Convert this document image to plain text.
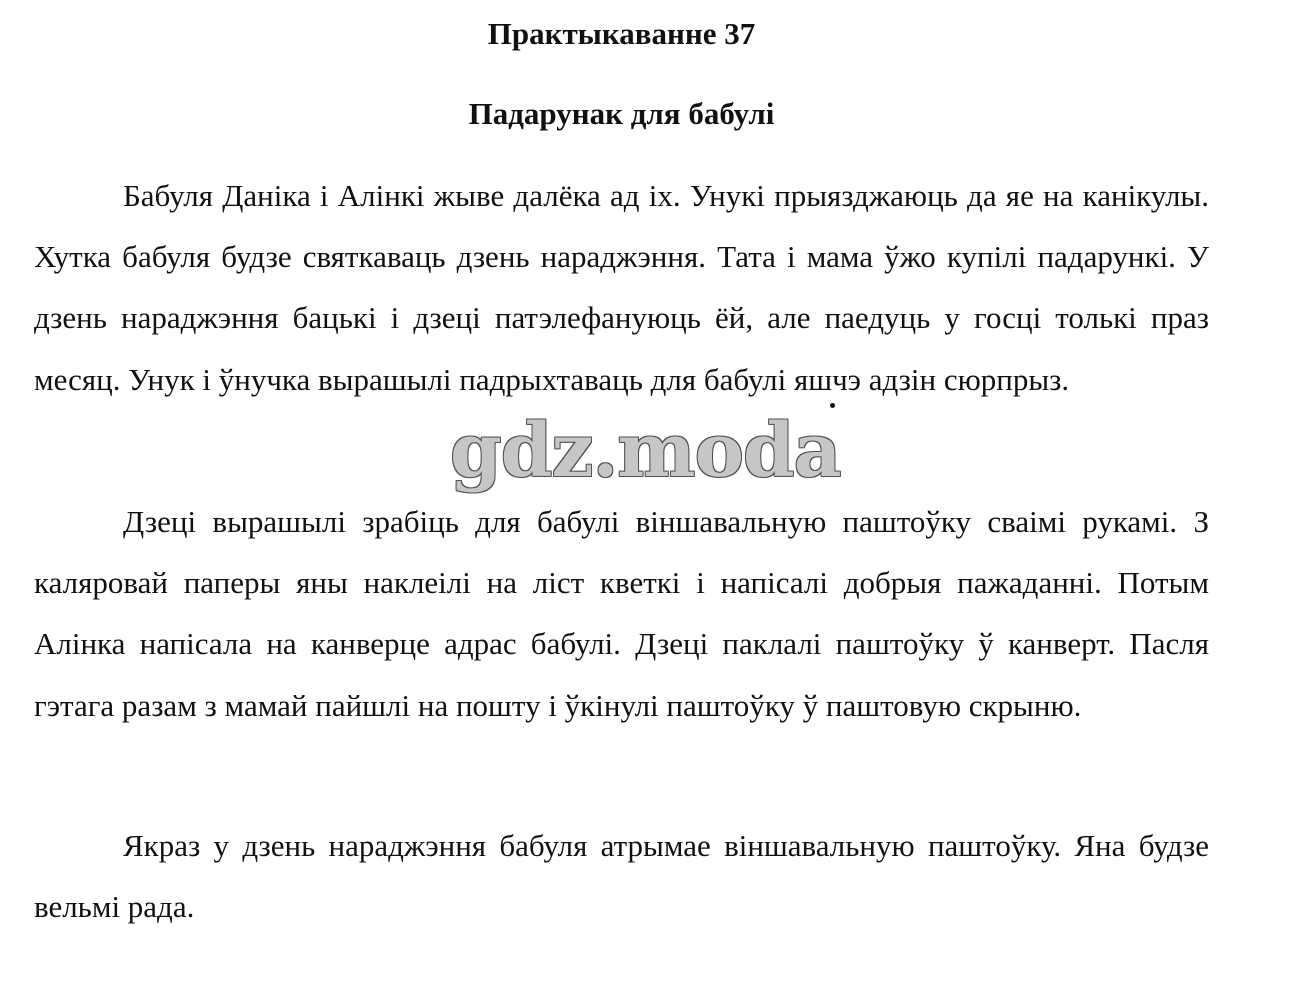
Практыкаванне 37
Падарунак для бабулі

Бабуля Даніка і Алінкі жыве далёка ад іх. Унукі прыязджаюць да яе на канікулы. Хутка бабуля будзе святкаваць дзень нараджэння. Тата і мама ўжо купілі падарункі. У дзень нараджэння бацькі і дзеці патэлефануюць ёй, але паедуць у госці толькі праз месяц. Унук і ўнучка вырашылі падрыхтаваць для бабулі яшчэ адзін сюрпрыз.

Дзеці вырашылі зрабіць для бабулі віншавальную паштоўку сваімі рукамі. З каляровай паперы яны наклеілі на ліст кветкі і напісалі добрыя пажаданні. Потым Алінка напісала на канверце адрас бабулі. Дзеці паклалі паштоўку ў канверт. Пасля гэтага разам з мамай пайшлі на пошту і ўкінулі паштоўку ў паштовую скрыню.

Якраз у дзень нараджэння бабуля атрымае віншавальную паштоўку. Яна будзе вельмі рада.

gdz.moda
